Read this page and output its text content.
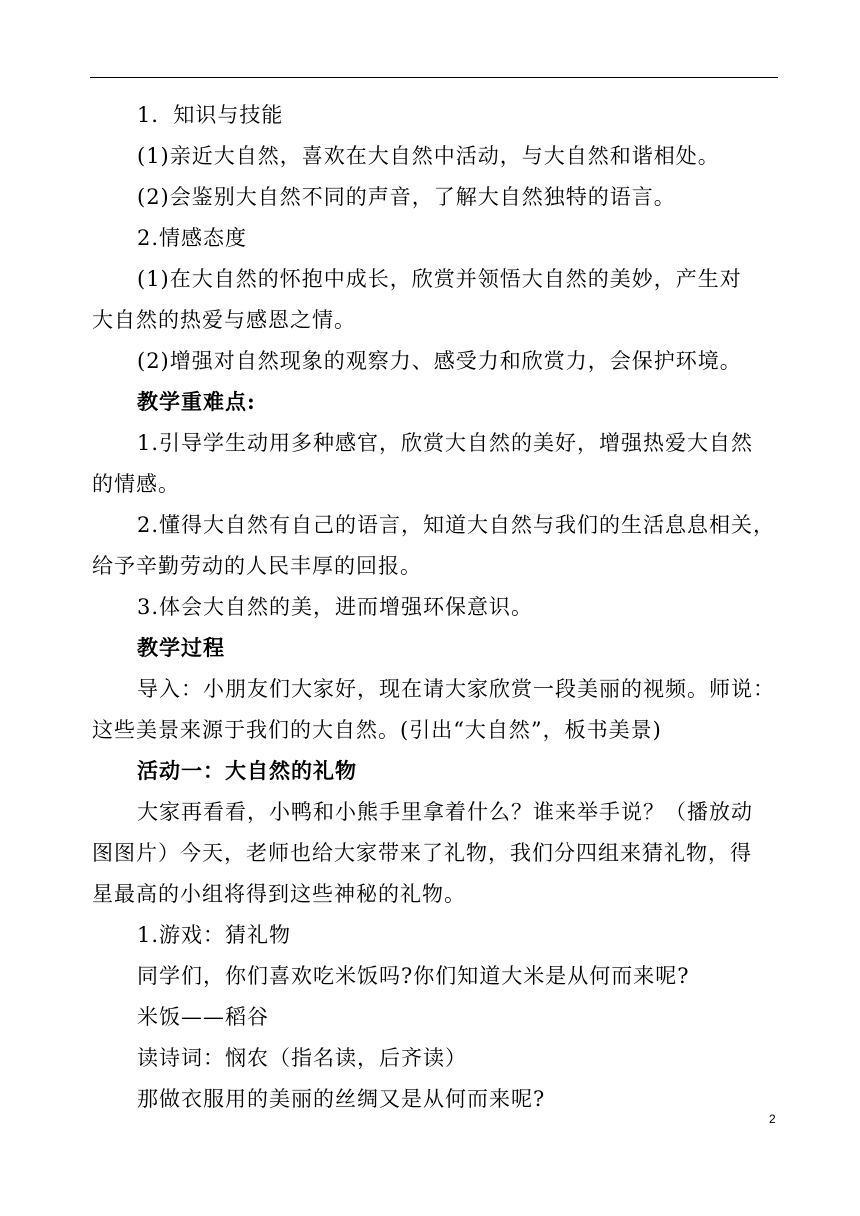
1．知识与技能
(1)亲近大自然，喜欢在大自然中活动，与大自然和谐相处。
(2)会鉴别大自然不同的声音，了解大自然独特的语言。
2.情感态度
(1)在大自然的怀抱中成长，欣赏并领悟大自然的美妙，产生对
大自然的热爱与感恩之情。
(2)增强对自然现象的观察力、感受力和欣赏力，会保护环境。
教学重难点:
1.引导学生动用多种感官，欣赏大自然的美好，增强热爱大自然
的情感。
2.懂得大自然有自己的语言，知道大自然与我们的生活息息相关，
给予辛勤劳动的人民丰厚的回报。
3.体会大自然的美，进而增强环保意识。
教学过程
导入：小朋友们大家好，现在请大家欣赏一段美丽的视频。师说：
这些美景来源于我们的大自然。(引出“大自然”，板书美景)
活动一：大自然的礼物
大家再看看，小鸭和小熊手里拿着什么？谁来举手说？（播放动
图图片）今天，老师也给大家带来了礼物，我们分四组来猜礼物，得
星最高的小组将得到这些神秘的礼物。
1.游戏：猜礼物
同学们，你们喜欢吃米饭吗?你们知道大米是从何而来呢?
米饭——稻谷
读诗词：悯农（指名读，后齐读）
那做衣服用的美丽的丝绸又是从何而来呢?
2
